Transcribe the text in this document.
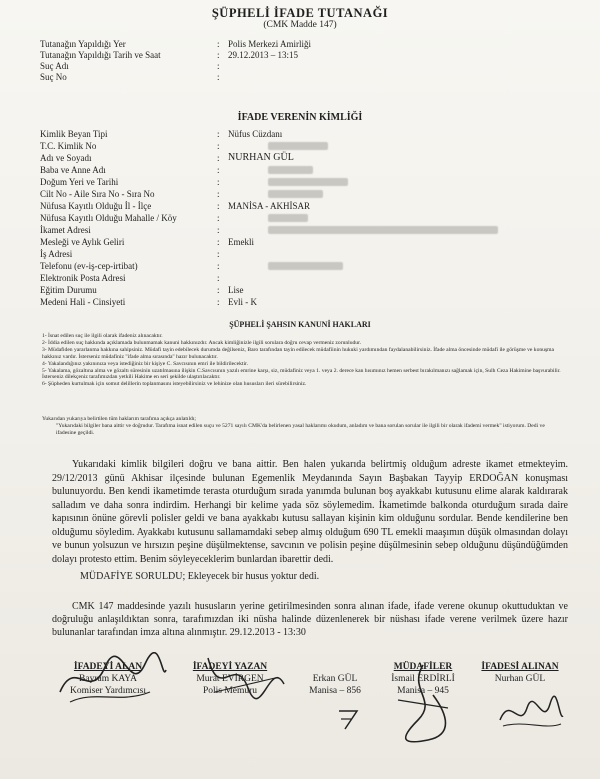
ŞÜPHELİ İFADE TUTANAĞI
(CMK Madde 147)
Tutanağın Yapıldığı Yer	: Polis Merkezi Amirliği
Tutanağın Yapıldığı Tarih ve Saat	: 29.12.2013 – 13:15
Suç Adı	:
Suç No	:
İFADE VERENİN KİMLİĞİ
Kimlik Beyan Tipi	: Nüfus Cüzdanı
T.C. Kimlik No	:
Adı ve Soyadı	: NURHAN GÜL
Baba ve Anne Adı	:
Doğum Yeri ve Tarihi	:
Cilt No - Aile Sıra No - Sıra No	:
Nüfusa Kayıtlı Olduğu İl - İlçe	: MANİSA - AKHİSAR
Nüfusa Kayıtlı Olduğu Mahalle / Köy	:
İkamet Adresi	:
Mesleği ve Aylık Geliri	: Emekli
İş Adresi	:
Telefonu (ev-iş-cep-irtibat)	:
Elektronik Posta Adresi	:
Eğitim Durumu	: Lise
Medeni Hali - Cinsiyeti	: Evli - K
ŞÜPHELİ ŞAHSIN KANUNİ HAKLARI
1- İsnat edilen suç ile ilgili olarak ifadeniz alınacaktır.
2- İddia edilen suç hakkında açıklamada bulunmamak kanuni hakkınızdır. Ancak kimliğinizle ilgili sorulara doğru cevap vermeniz zorunludur.
3- Müdafiden yararlanma hakkına sahipsiniz. Müdafi tayin edebilecek durumda değilseniz, Baro tarafından tayin edilecek müdafiinin hukuki yardımından faydalanabilirsiniz. İfade alma öncesinde müdafi ile görüşme ve konuşma hakkınız vardır. İsterseniz müdafiniz "ifade alma sırasında" hazır bulunacaktır.
4- Yakalandığınız yakınınıza veya istediğiniz bir kişiye C. Savcısının emri ile bildirilecektir.
5- Yakalama, gözaltına alma ve gözaltı süresinin uzatılmasına ilişkin C.Savcısının yazılı emrine karşı, siz, müdafiniz veya 1. veya 2. derece kan hısımınız hemen serbest bırakılmanızı sağlamak için, Sulh Ceza Hakimine başvurabilir. İsterseniz dilekçeniz tarafımızdan yetkili Hakime en seri şekilde ulaştırılacaktır.
6- Şüpheden kurtulmak için somut delillerin toplanmasını isteyebilirsiniz ve lehinize olan hususları ileri sürebilirsiniz.
Yukarıdan yukarıya belirtilen tüm haklarım tarafıma açıkça anlatıldı;
"Yukarıdaki bilgiler bana aittir ve doğrudur. Tarafıma isnat edilen suçu ve 5271 sayılı CMK'da belirlenen yasal haklarımı okudum, anladım ve bana sorulan sorular ile ilgili bir olarak ifademi vermek" istiyorum. Dedi ve ifadesine geçildi.

Yukarıdaki kimlik bilgileri doğru ve bana aittir. Ben halen yukarıda belirtmiş olduğum adreste ikamet etmekteyim. 29/12/2013 günü Akhisar ilçesinde bulunan Egemenlik Meydanında Sayın Başbakan Tayyip ERDOĞAN konuşması bulunuyordu. Ben kendi ikametimde terasta oturduğum sırada yanımda bulunan boş ayakkabı kutusunu elime alarak kaldırarak salladım ve daha sonra indirdim. Herhangi bir kelime yada söz söylemedim. İkametimde balkonda oturduğum sırada daire kapısının önüne görevli polisler geldi ve bana ayakkabı kutusu sallayan kişinin kim olduğunu sordular. Bende kendilerine ben olduğumu söyledim. Ayakkabı kutusunu sallamamdaki sebep almış olduğum 690 TL emekli maaşımın düşük olmasından dolayı ve bunun yolsuzun ve hırsızın peşine düşülmektense, savcının ve polisin peşine düşülmesinin sebep olduğunu düşündüğümden dolayı protesto ettim. Benim söyleyeceklerim bunlardan ibarettir dedi.

MÜDAFİYE SORULDU; Ekleyecek bir husus yoktur dedi.

CMK 147 maddesinde yazılı hususların yerine getirilmesinden sonra alınan ifade, ifade verene okunup okuttuduktan ve doğruluğu anlaşıldıktan sonra, tarafımızdan iki nüsha halinde düzenlenerek bir nüshası ifade verene verilmek üzere hazır bulunanlar tarafından imza altına alınmıştır. 29.12.2013 - 13:30

İFADEYİ ALAN
Bayram KAYA
Komiser Yardımcısı
İFADEYİ YAZAN
Murat EVİRGEN
Polis Memuru
Erkan GÜL
Manisa – 856
MÜDAFİLER
İsmail ERDİRLİ
Manisa – 945
İFADESİ ALINAN
Nurhan GÜL
